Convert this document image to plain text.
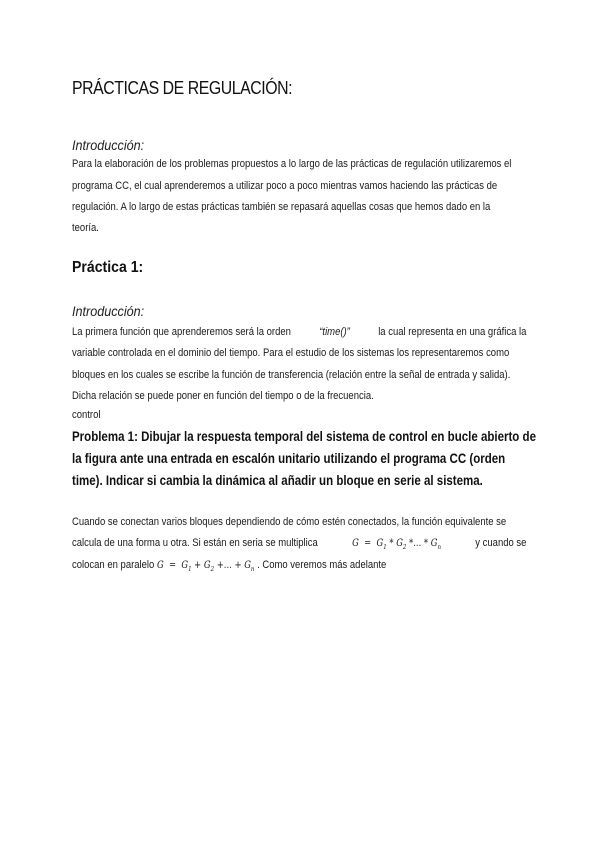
PRÁCTICAS DE REGULACIÓN:
Introducción:
Para la elaboración de los problemas propuestos a lo largo de las prácticas de regulación utilizaremos el
programa CC, el cual aprenderemos a utilizar poco a poco mientras vamos haciendo las prácticas de
regulación. A lo largo de estas prácticas también se repasará aquellas cosas que hemos dado en la
teoría.
Práctica 1:
Introducción:
La primera función que aprenderemos será la orden	“time()”	la cual representa en una gráfica la
variable controlada en el dominio del tiempo. Para el estudio de los sistemas los representaremos como
bloques en los cuales se escribe la función de transferencia (relación entre la señal de entrada y salida).
Dicha relación se puede poner en función del tiempo o de la frecuencia.
control
Problema 1: Dibujar la respuesta temporal del sistema de control en bucle abierto de
la figura ante una entrada en escalón unitario utilizando el programa CC (orden
time). Indicar si cambia la dinámica al añadir un bloque en serie al sistema.
Cuando se conectan varios bloques dependiendo de cómo estén conectados, la función equivalente se
calcula de una forma u otra. Si están en seria se multiplica	$G = G_1 * G_2$ *... * $G_n$	y cuando se
colocan en paralelo $G = G_1 + G_2$ +... + $G_n$ . Como veremos más adelante
